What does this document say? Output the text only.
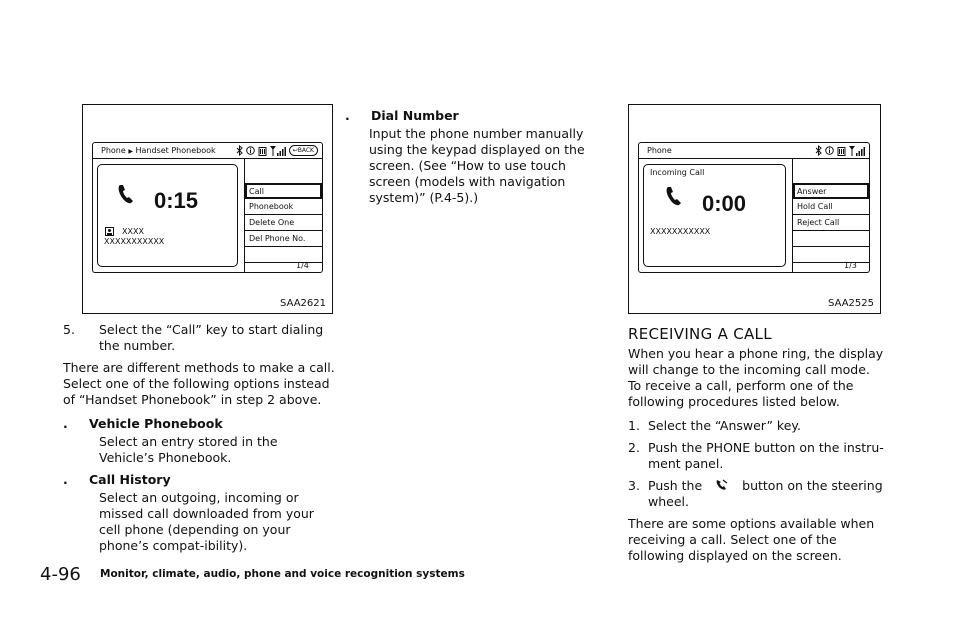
Phone ▶ Handset Phonebook	↩BACK
0:15
XXXX
XXXXXXXXXXX
Call
Phonebook
Delete One
Del Phone No.
1/4
SAA2621

5. Select the “Call” key to start dialing the number.

There are different methods to make a call. Select one of the following options instead of “Handset Phonebook” in step 2 above.

. Vehicle Phonebook

Select an entry stored in the Vehicle’s Phonebook.

. Call History

Select an outgoing, incoming or missed call downloaded from your cell phone (depending on your phone’s compat-ibility).

. Dial Number

Input the phone number manually using the keypad displayed on the screen. (See “How to use touch screen (models with navigation system)” (P.4-5).)

Phone
Incoming Call
0:00
XXXXXXXXXXX
Answer
Hold Call
Reject Call
1/3
SAA2525
RECEIVING A CALL

When you hear a phone ring, the display will change to the incoming call mode. To receive a call, perform one of the following procedures listed below.

1. Select the “Answer” key.

2. Push the PHONE button on the instru-ment panel.

3. Push the	button on the steering wheel.

There are some options available when receiving a call. Select one of the following displayed on the screen.

4-96 Monitor, climate, audio, phone and voice recognition systems
